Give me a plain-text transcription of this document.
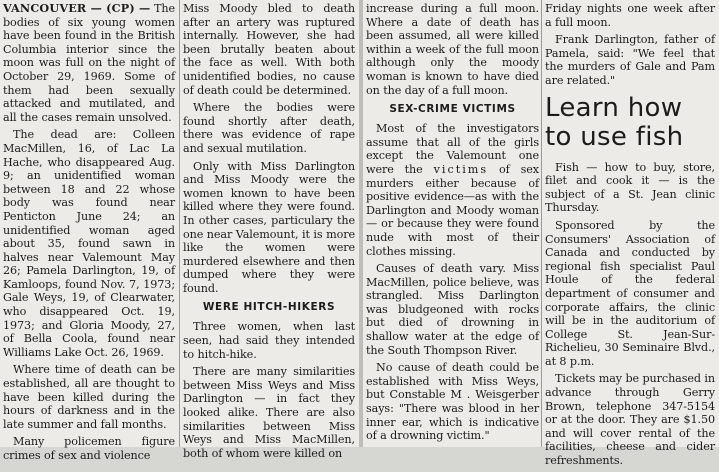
VANCOUVER — (CP) — The bodies of six young women have been found in the British Columbia interior since the moon was full on the night of October 29, 1969. Some of them had been sexually attacked and mutilated, and all the cases remain unsolved.

The dead are: Colleen MacMillen, 16, of Lac La Hache, who disappeared Aug. 9; an unidentified woman between 18 and 22 whose body was found near Penticton June 24; an unidentified woman aged about 35, found sawn in halves near Valemount May 26; Pamela Darlington, 19, of Kamloops, found Nov. 7, 1973; Gale Weys, 19, of Clearwater, who disappeared Oct. 19, 1973; and Gloria Moody, 27, of Bella Coola, found near Williams Lake Oct. 26, 1969.

Where time of death can be established, all are thought to have been killed during the hours of darkness and in the late summer and fall months.

Many policemen figure crimes of sex and violence

Miss Moody bled to death after an artery was ruptured internally. However, she had been brutally beaten about the face as well. With both unidentified bodies, no cause of death could be determined.

Where the bodies were found shortly after death, there was evidence of rape and sexual mutilation.

Only with Miss Darlington and Miss Moody were the women known to have been killed where they were found. In other cases, particulary the one near Valemount, it is more like the women were murdered elsewhere and then dumped where they were found.

WERE HITCH-HIKERS

Three women, when last seen, had said they intended to hitch-hike.

There are many similarities between Miss Weys and Miss Darlington — in fact they looked alike. There are also similarities between Miss Weys and Miss MacMillen, both of whom were killed on

increase during a full moon. Where a date of death has been assumed, all were killed within a week of the full moon although only the moody woman is known to have died on the day of a full moon.

SEX-CRIME VICTIMS

Most of the investigators assume that all of the girls except the Valemount one were the victims of sex murders either because of positive evidence—as with the Darlington and Moody woman — or because they were found nude with most of their clothes missing.

Causes of death vary. Miss MacMillen, police believe, was strangled. Miss Darlington was bludgeoned with rocks but died of drowning in shallow water at the edge of the South Thompson River.

No cause of death could be established with Miss Weys, but Constable M . Weisgerber says: "There was blood in her inner ear, which is indicative of a drowning victim."

Friday nights one week after a full moon.

Frank Darlington, father of Pamela, said: "We feel that the murders of Gale and Pam are related."

Learn how to use fish

Fish — how to buy, store, filet and cook it — is the subject of a St. Jean clinic Thursday.

Sponsored by the Consumers' Association of Canada and conducted by regional fish specialist Paul Houle of the federal department of consumer and corporate affairs, the clinic will be in the auditorium of College St. Jean-Sur-Richelieu, 30 Seminaire Blvd., at 8 p.m.

Tickets may be purchased in advance through Gerry Brown, telephone 347-5154 or at the door. They are $1.50 and will cover rental of the facilities, cheese and cider refreshments.
